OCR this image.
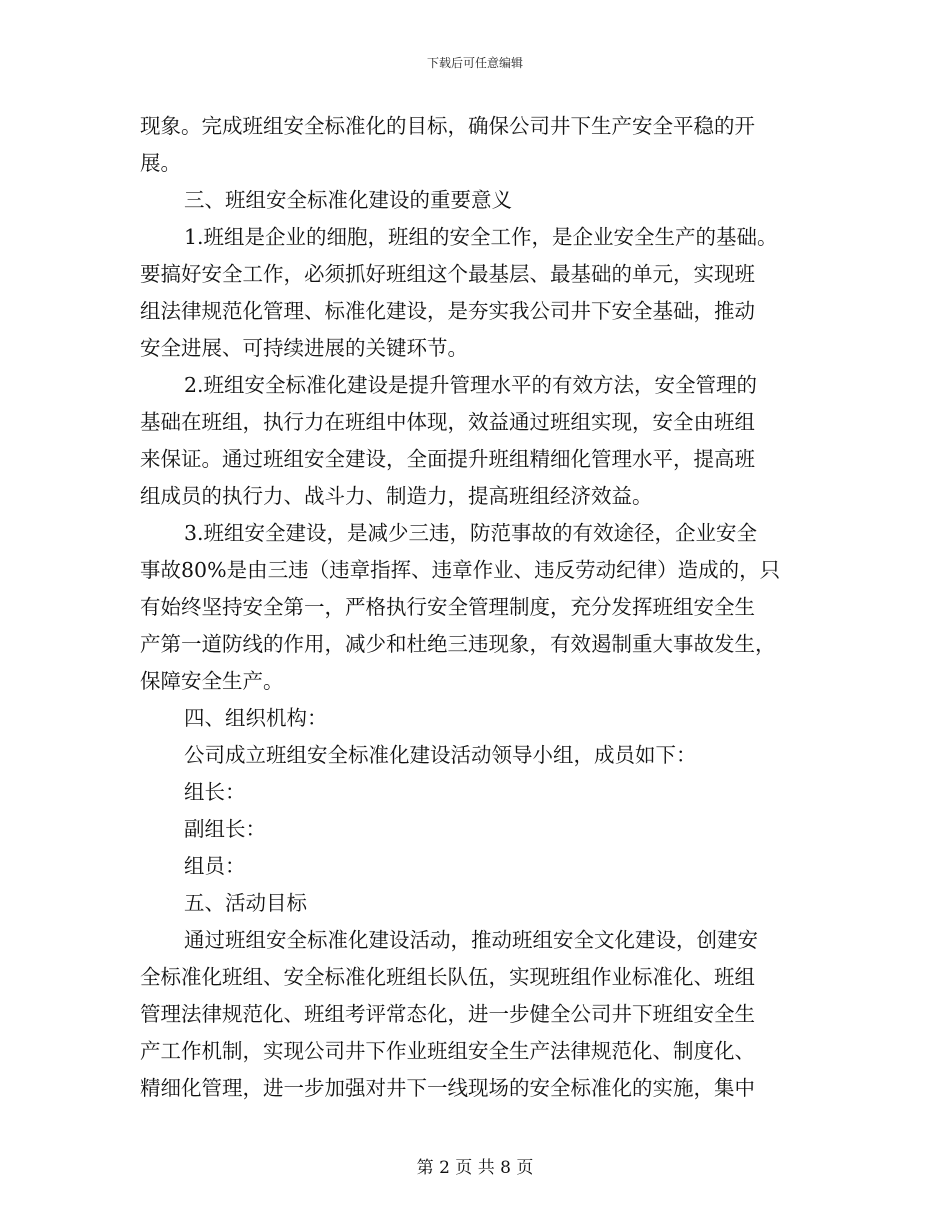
下载后可任意编辑
现象。完成班组安全标准化的目标，确保公司井下生产安全平稳的开
展。
三、班组安全标准化建设的重要意义
1.班组是企业的细胞，班组的安全工作，是企业安全生产的基础。
要搞好安全工作，必须抓好班组这个最基层、最基础的单元，实现班
组法律规范化管理、标准化建设，是夯实我公司井下安全基础，推动
安全进展、可持续进展的关键环节。
2.班组安全标准化建设是提升管理水平的有效方法，安全管理的
基础在班组，执行力在班组中体现，效益通过班组实现，安全由班组
来保证。通过班组安全建设，全面提升班组精细化管理水平，提高班
组成员的执行力、战斗力、制造力，提高班组经济效益。
3.班组安全建设，是减少三违，防范事故的有效途径，企业安全
事故80%是由三违（违章指挥、违章作业、违反劳动纪律）造成的，只
有始终坚持安全第一，严格执行安全管理制度，充分发挥班组安全生
产第一道防线的作用，减少和杜绝三违现象，有效遏制重大事故发生，
保障安全生产。
四、组织机构：
公司成立班组安全标准化建设活动领导小组，成员如下：
组长：
副组长：
组员：
五、活动目标
通过班组安全标准化建设活动，推动班组安全文化建设，创建安
全标准化班组、安全标准化班组长队伍，实现班组作业标准化、班组
管理法律规范化、班组考评常态化，进一步健全公司井下班组安全生
产工作机制，实现公司井下作业班组安全生产法律规范化、制度化、
精细化管理，进一步加强对井下一线现场的安全标准化的实施，集中
第 2 页 共 8 页
